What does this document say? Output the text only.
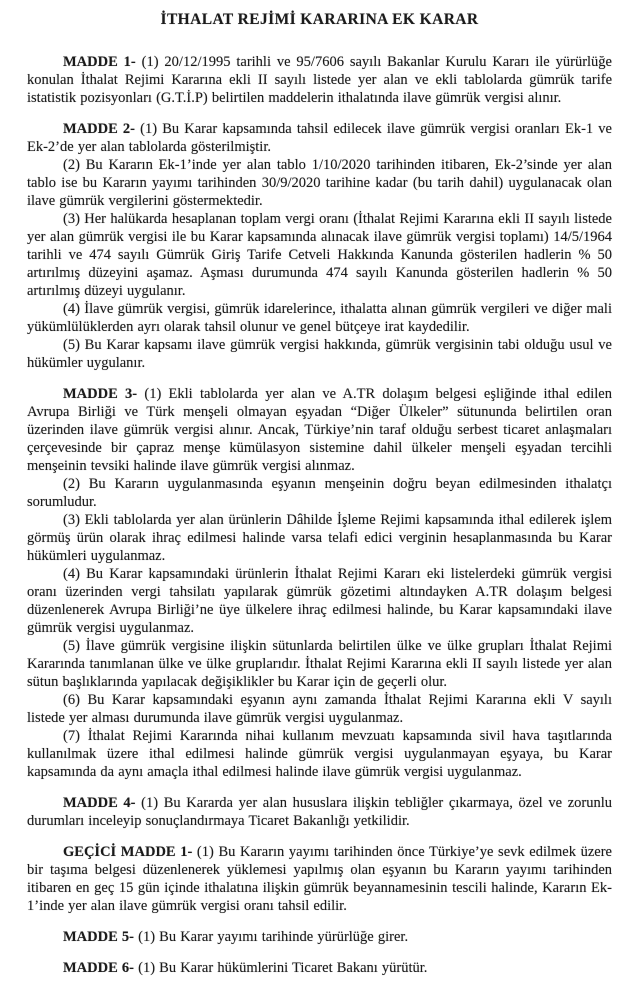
İTHALAT REJİMİ KARARINA EK KARAR

MADDE 1- (1) 20/12/1995 tarihli ve 95/7606 sayılı Bakanlar Kurulu Kararı ile yürürlüğe konulan İthalat Rejimi Kararına ekli II sayılı listede yer alan ve ekli tablolarda gümrük tarife istatistik pozisyonları (G.T.İ.P) belirtilen maddelerin ithalatında ilave gümrük vergisi alınır.

MADDE 2- (1) Bu Karar kapsamında tahsil edilecek ilave gümrük vergisi oranları Ek-1 ve Ek-2’de yer alan tablolarda gösterilmiştir.

(2) Bu Kararın Ek-1’inde yer alan tablo 1/10/2020 tarihinden itibaren, Ek-2’sinde yer alan tablo ise bu Kararın yayımı tarihinden 30/9/2020 tarihine kadar (bu tarih dahil) uygulanacak olan ilave gümrük vergilerini göstermektedir.

(3) Her halükarda hesaplanan toplam vergi oranı (İthalat Rejimi Kararına ekli II sayılı listede yer alan gümrük vergisi ile bu Karar kapsamında alınacak ilave gümrük vergisi toplamı) 14/5/1964 tarihli ve 474 sayılı Gümrük Giriş Tarife Cetveli Hakkında Kanunda gösterilen hadlerin % 50 artırılmış düzeyini aşamaz. Aşması durumunda 474 sayılı Kanunda gösterilen hadlerin % 50 artırılmış düzeyi uygulanır.

(4) İlave gümrük vergisi, gümrük idarelerince, ithalatta alınan gümrük vergileri ve diğer mali yükümlülüklerden ayrı olarak tahsil olunur ve genel bütçeye irat kaydedilir.

(5) Bu Karar kapsamı ilave gümrük vergisi hakkında, gümrük vergisinin tabi olduğu usul ve hükümler uygulanır.

MADDE 3- (1) Ekli tablolarda yer alan ve A.TR dolaşım belgesi eşliğinde ithal edilen Avrupa Birliği ve Türk menşeli olmayan eşyadan “Diğer Ülkeler” sütununda belirtilen oran üzerinden ilave gümrük vergisi alınır. Ancak, Türkiye’nin taraf olduğu serbest ticaret anlaşmaları çerçevesinde bir çapraz menşe kümülasyon sistemine dahil ülkeler menşeli eşyadan tercihli menşeinin tevsiki halinde ilave gümrük vergisi alınmaz.

(2) Bu Kararın uygulanmasında eşyanın menşeinin doğru beyan edilmesinden ithalatçı sorumludur.

(3) Ekli tablolarda yer alan ürünlerin Dâhilde İşleme Rejimi kapsamında ithal edilerek işlem görmüş ürün olarak ihraç edilmesi halinde varsa telafi edici verginin hesaplanmasında bu Karar hükümleri uygulanmaz.

(4) Bu Karar kapsamındaki ürünlerin İthalat Rejimi Kararı eki listelerdeki gümrük vergisi oranı üzerinden vergi tahsilatı yapılarak gümrük gözetimi altındayken A.TR dolaşım belgesi düzenlenerek Avrupa Birliği’ne üye ülkelere ihraç edilmesi halinde, bu Karar kapsamındaki ilave gümrük vergisi uygulanmaz.

(5) İlave gümrük vergisine ilişkin sütunlarda belirtilen ülke ve ülke grupları İthalat Rejimi Kararında tanımlanan ülke ve ülke gruplarıdır. İthalat Rejimi Kararına ekli II sayılı listede yer alan sütun başlıklarında yapılacak değişiklikler bu Karar için de geçerli olur.

(6) Bu Karar kapsamındaki eşyanın aynı zamanda İthalat Rejimi Kararına ekli V sayılı listede yer alması durumunda ilave gümrük vergisi uygulanmaz.

(7) İthalat Rejimi Kararında nihai kullanım mevzuatı kapsamında sivil hava taşıtlarında kullanılmak üzere ithal edilmesi halinde gümrük vergisi uygulanmayan eşyaya, bu Karar kapsamında da aynı amaçla ithal edilmesi halinde ilave gümrük vergisi uygulanmaz.

MADDE 4- (1) Bu Kararda yer alan hususlara ilişkin tebliğler çıkarmaya, özel ve zorunlu durumları inceleyip sonuçlandırmaya Ticaret Bakanlığı yetkilidir.

GEÇİCİ MADDE 1- (1) Bu Kararın yayımı tarihinden önce Türkiye’ye sevk edilmek üzere bir taşıma belgesi düzenlenerek yüklemesi yapılmış olan eşyanın bu Kararın yayımı tarihinden itibaren en geç 15 gün içinde ithalatına ilişkin gümrük beyannamesinin tescili halinde, Kararın Ek-1’inde yer alan ilave gümrük vergisi oranı tahsil edilir.

MADDE 5- (1) Bu Karar yayımı tarihinde yürürlüğe girer.

MADDE 6- (1) Bu Karar hükümlerini Ticaret Bakanı yürütür.
